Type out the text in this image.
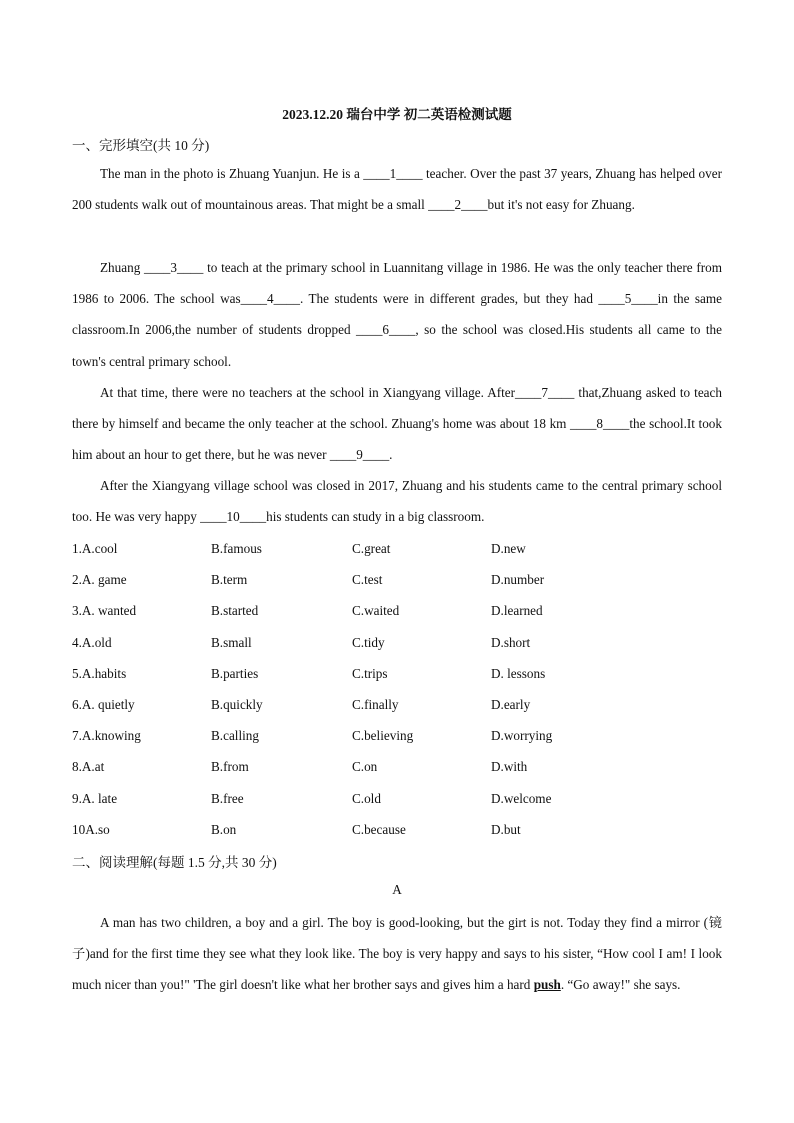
2023.12.20 瑞台中学 初二英语检测试题
一、完形填空(共 10 分)
The man in the photo is Zhuang Yuanjun. He is a ____1____ teacher. Over the past 37 years, Zhuang has helped over 200 students walk out of mountainous areas. That might be a small ____2____but it's not easy for Zhuang.
Zhuang ____3____ to teach at the primary school in Luannitang village in 1986. He was the only teacher there from 1986 to 2006. The school was____4____. The students were in different grades, but they had ____5____in the same classroom.In 2006,the number of students dropped ____6____, so the school was closed.His students all came to the town's central primary school.
At that time, there were no teachers at the school in Xiangyang village. After____7____ that,Zhuang asked to teach there by himself and became the only teacher at the school. Zhuang's home was about 18 km ____8____the school.It took him about an hour to get there, but he was never ____9____.
After the Xiangyang village school was closed in 2017, Zhuang and his students came to the central primary school too. He was very happy ____10____his students can study in a big classroom.
1.A.cool	B.famous	C.great	D.new
2.A. game	B.term	C.test	D.number
3.A. wanted	B.started	C.waited	D.learned
4.A.old	B.small	C.tidy	D.short
5.A.habits	B.parties	C.trips	D. lessons
6.A. quietly	B.quickly	C.finally	D.early
7.A.knowing	B.calling	C.believing	D.worrying
8.A.at	B.from	C.on	D.with
9.A. late	B.free	C.old	D.welcome
10A.so	B.on	C.because	D.but
二、阅读理解(每题 1.5 分,共 30 分)
A
A man has two children, a boy and a girl. The boy is good-looking, but the girt is not. Today they find a mirror (镜子)and for the first time they see what they look like. The boy is very happy and says to his sister, “How cool I am! I look much nicer than you!" 'The girl doesn't like what her brother says and gives him a hard push. “Go away!" she says.
